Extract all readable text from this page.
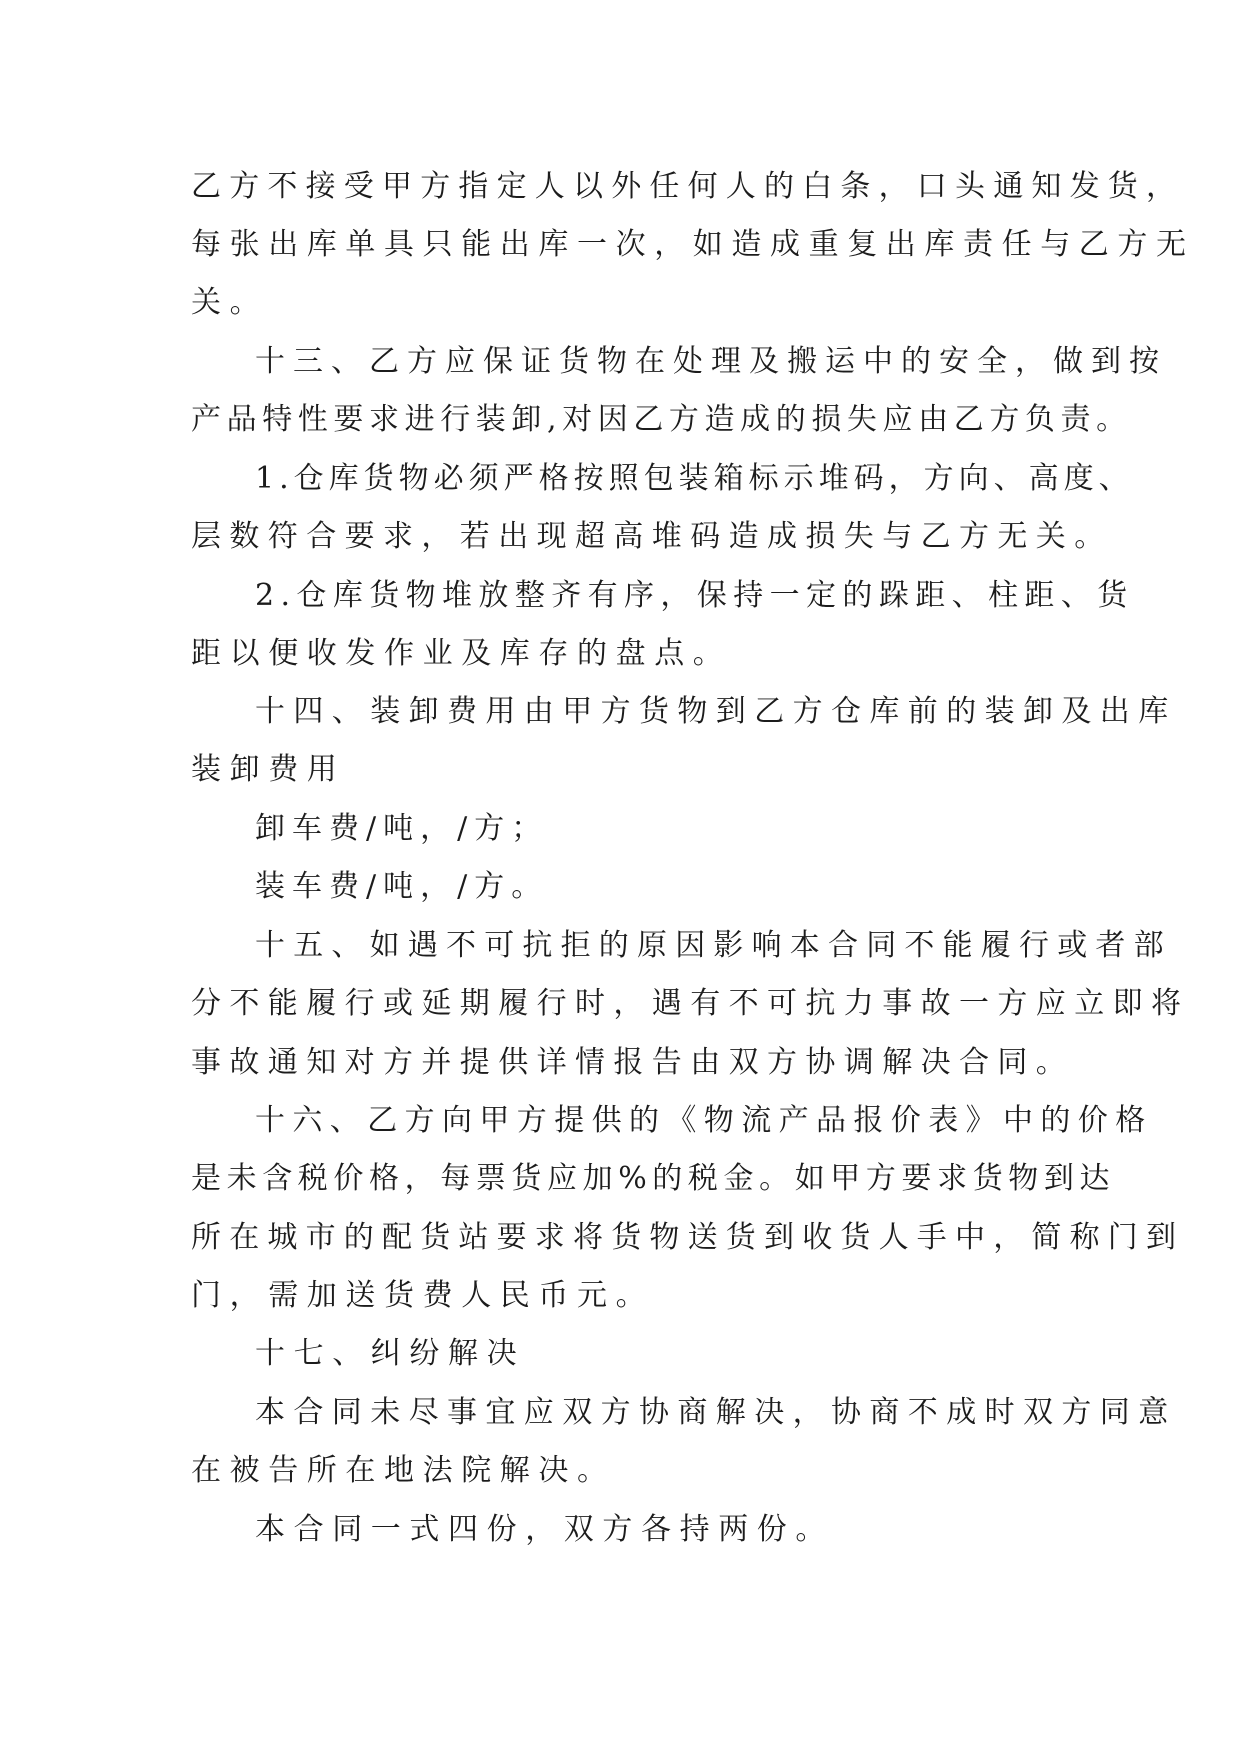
乙方不接受甲方指定人以外任何人的白条，口头通知发货，

每张出库单具只能出库一次，如造成重复出库责任与乙方无

关。

十三、乙方应保证货物在处理及搬运中的安全，做到按

产品特性要求进行装卸,对因乙方造成的损失应由乙方负责。

1.仓库货物必须严格按照包装箱标示堆码，方向、高度、

层数符合要求，若出现超高堆码造成损失与乙方无关。

2.仓库货物堆放整齐有序，保持一定的跺距、柱距、货

距以便收发作业及库存的盘点。

十四、装卸费用由甲方货物到乙方仓库前的装卸及出库

装卸费用

卸车费/吨，/方；

装车费/吨，/方。

十五、如遇不可抗拒的原因影响本合同不能履行或者部

分不能履行或延期履行时，遇有不可抗力事故一方应立即将

事故通知对方并提供详情报告由双方协调解决合同。

十六、乙方向甲方提供的《物流产品报价表》中的价格

是未含税价格，每票货应加%的税金。如甲方要求货物到达

所在城市的配货站要求将货物送货到收货人手中，简称门到

门，需加送货费人民币元。

十七、纠纷解决

本合同未尽事宜应双方协商解决，协商不成时双方同意

在被告所在地法院解决。

本合同一式四份，双方各持两份。
